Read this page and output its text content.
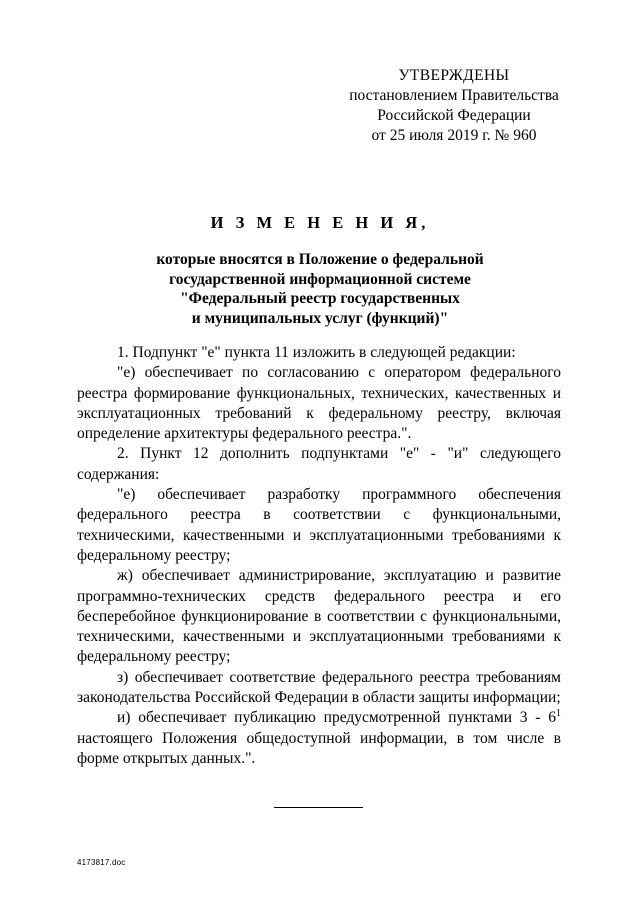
УТВЕРЖДЕНЫ
постановлением Правительства
Российской Федерации
от 25 июля 2019 г. № 960
И З М Е Н Е Н И Я,
которые вносятся в Положение о федеральной
государственной информационной системе
"Федеральный реестр государственных
и муниципальных услуг (функций)"

1. Подпункт "е" пункта 11 изложить в следующей редакции:

"е) обеспечивает по согласованию с оператором федерального реестра формирование функциональных, технических, качественных и эксплуатационных требований к федеральному реестру, включая определение архитектуры федерального реестра.".

2. Пункт 12 дополнить подпунктами "е" - "и" следующего содержания:

"е) обеспечивает разработку программного обеспечения федерального реестра в соответствии с функциональными, техническими, качественными и эксплуатационными требованиями к федеральному реестру;

ж) обеспечивает администрирование, эксплуатацию и развитие программно-технических средств федерального реестра и его бесперебойное функционирование в соответствии с функциональными, техническими, качественными и эксплуатационными требованиями к федеральному реестру;

з) обеспечивает соответствие федерального реестра требованиям законодательства Российской Федерации в области защиты информации;

и) обеспечивает публикацию предусмотренной пунктами $3 - 6^1$ настоящего Положения общедоступной информации, в том числе в форме открытых данных.".

4173817.doc
